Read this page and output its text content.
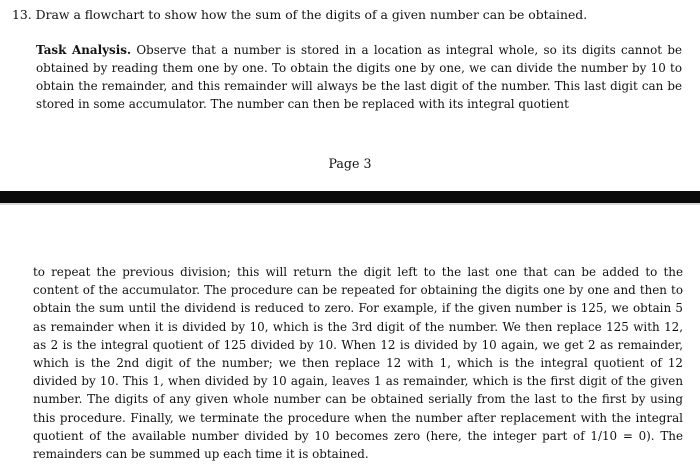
13. Draw a flowchart to show how the sum of the digits of a given number can be obtained.
Task Analysis. Observe that a number is stored in a location as integral whole, so its digits cannot be obtained by reading them one by one. To obtain the digits one by one, we can divide the number by 10 to obtain the remainder, and this remainder will always be the last digit of the number. This last digit can be stored in some accumulator. The number can then be replaced with its integral quotient
Page 3
to repeat the previous division; this will return the digit left to the last one that can be added to the content of the accumulator. The procedure can be repeated for obtaining the digits one by one and then to obtain the sum until the dividend is reduced to zero. For example, if the given number is 125, we obtain 5 as remainder when it is divided by 10, which is the 3rd digit of the number. We then replace 125 with 12, as 2 is the integral quotient of 125 divided by 10. When 12 is divided by 10 again, we get 2 as remainder, which is the 2nd digit of the number; we then replace 12 with 1, which is the integral quotient of 12 divided by 10. This 1, when divided by 10 again, leaves 1 as remainder, which is the first digit of the given number. The digits of any given whole number can be obtained serially from the last to the first by using this procedure. Finally, we terminate the procedure when the number after replacement with the integral quotient of the available number divided by 10 becomes zero (here, the integer part of 1/10 = 0). The remainders can be summed up each time it is obtained.
